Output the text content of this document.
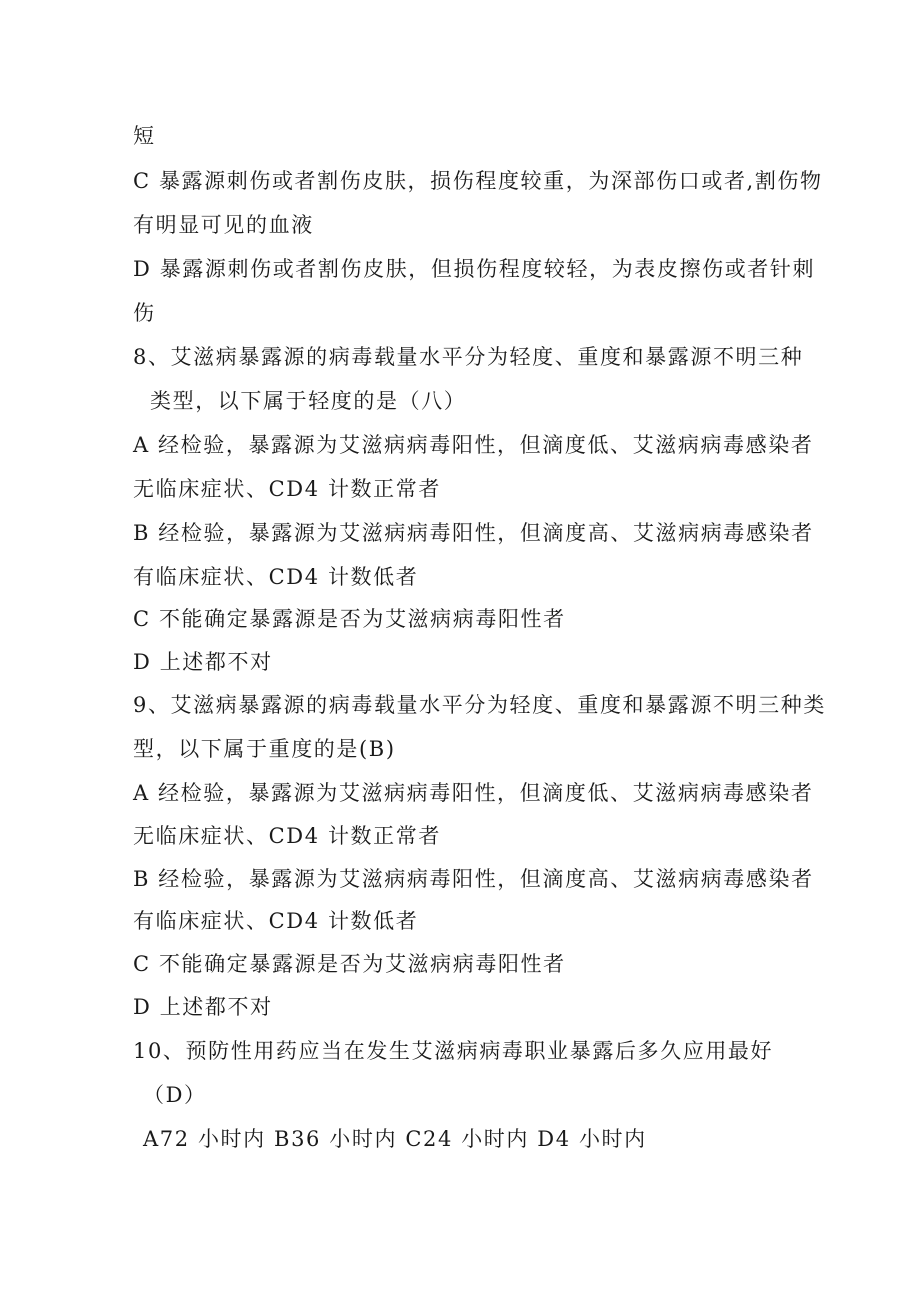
短
C 暴露源刺伤或者割伤皮肤，损伤程度较重，为深部伤口或者,割伤物
有明显可见的血液
D 暴露源刺伤或者割伤皮肤，但损伤程度较轻，为表皮擦伤或者针刺
伤
8、艾滋病暴露源的病毒载量水平分为轻度、重度和暴露源不明三种
类型，以下属于轻度的是（八）
A 经检验，暴露源为艾滋病病毒阳性，但滴度低、艾滋病病毒感染者
无临床症状、CD4 计数正常者
B 经检验，暴露源为艾滋病病毒阳性，但滴度高、艾滋病病毒感染者
有临床症状、CD4 计数低者
C 不能确定暴露源是否为艾滋病病毒阳性者
D 上述都不对
9、艾滋病暴露源的病毒载量水平分为轻度、重度和暴露源不明三种类
型，以下属于重度的是(B)
A 经检验，暴露源为艾滋病病毒阳性，但滴度低、艾滋病病毒感染者
无临床症状、CD4 计数正常者
B 经检验，暴露源为艾滋病病毒阳性，但滴度高、艾滋病病毒感染者
有临床症状、CD4 计数低者
C 不能确定暴露源是否为艾滋病病毒阳性者
D 上述都不对
10、预防性用药应当在发生艾滋病病毒职业暴露后多久应用最好
（D）
A72 小时内 B36 小时内 C24 小时内 D4 小时内
